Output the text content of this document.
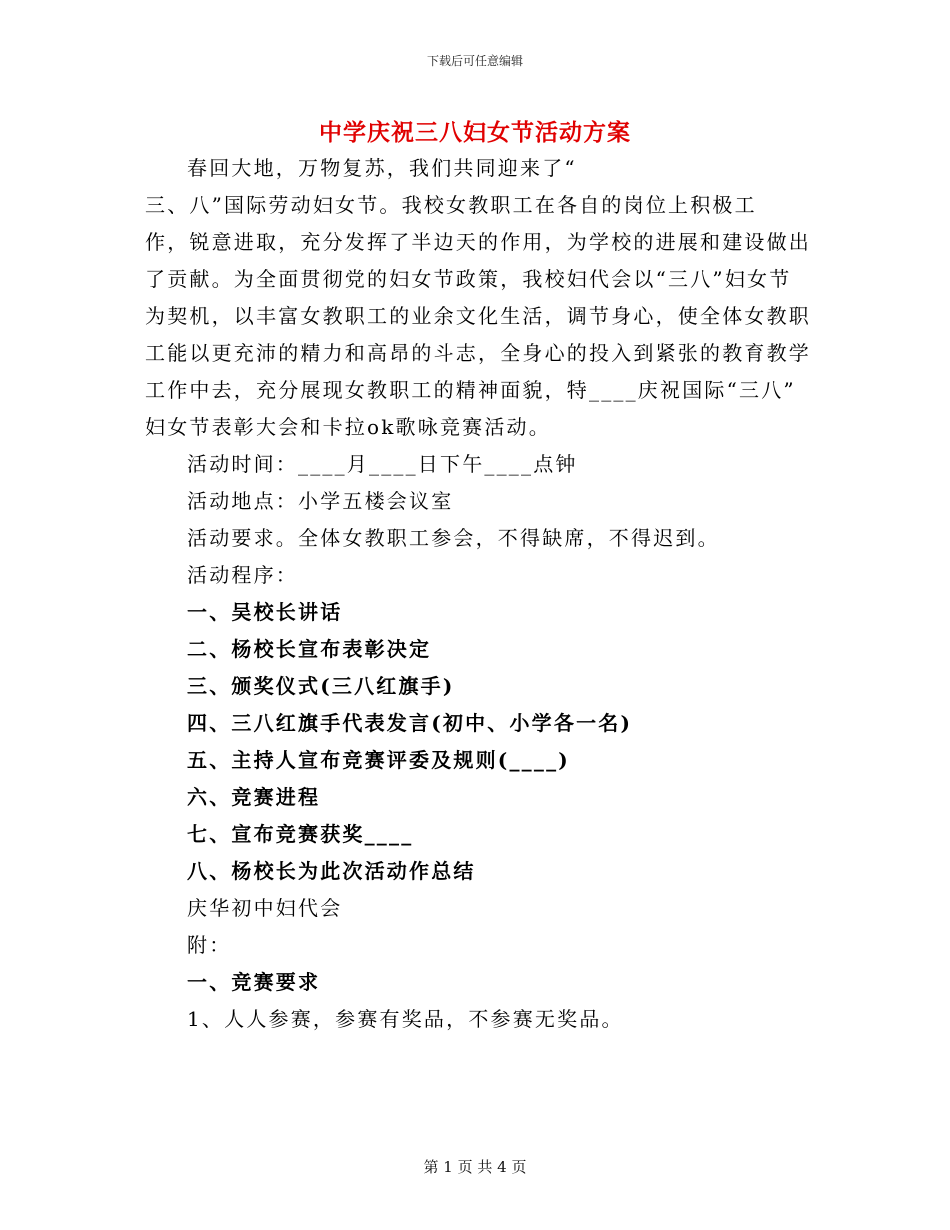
下载后可任意编辑
中学庆祝三八妇女节活动方案

春回大地，万物复苏，我们共同迎来了“

三、八”国际劳动妇女节。我校女教职工在各自的岗位上积极工

作，锐意进取，充分发挥了半边天的作用，为学校的进展和建设做出

了贡献。为全面贯彻党的妇女节政策，我校妇代会以“三八”妇女节

为契机，以丰富女教职工的业余文化生活，调节身心，使全体女教职

工能以更充沛的精力和高昂的斗志，全身心的投入到紧张的教育教学

工作中去，充分展现女教职工的精神面貌，特____庆祝国际“三八”

妇女节表彰大会和卡拉ok歌咏竞赛活动。

活动时间：____月____日下午____点钟

活动地点：小学五楼会议室

活动要求。全体女教职工参会，不得缺席，不得迟到。

活动程序：

一、吴校长讲话

二、杨校长宣布表彰决定

三、颁奖仪式(三八红旗手)

四、三八红旗手代表发言(初中、小学各一名)

五、主持人宣布竞赛评委及规则(____)

六、竞赛进程

七、宣布竞赛获奖____

八、杨校长为此次活动作总结

庆华初中妇代会

附：

一、竞赛要求

1、人人参赛，参赛有奖品，不参赛无奖品。

第 1 页 共 4 页
